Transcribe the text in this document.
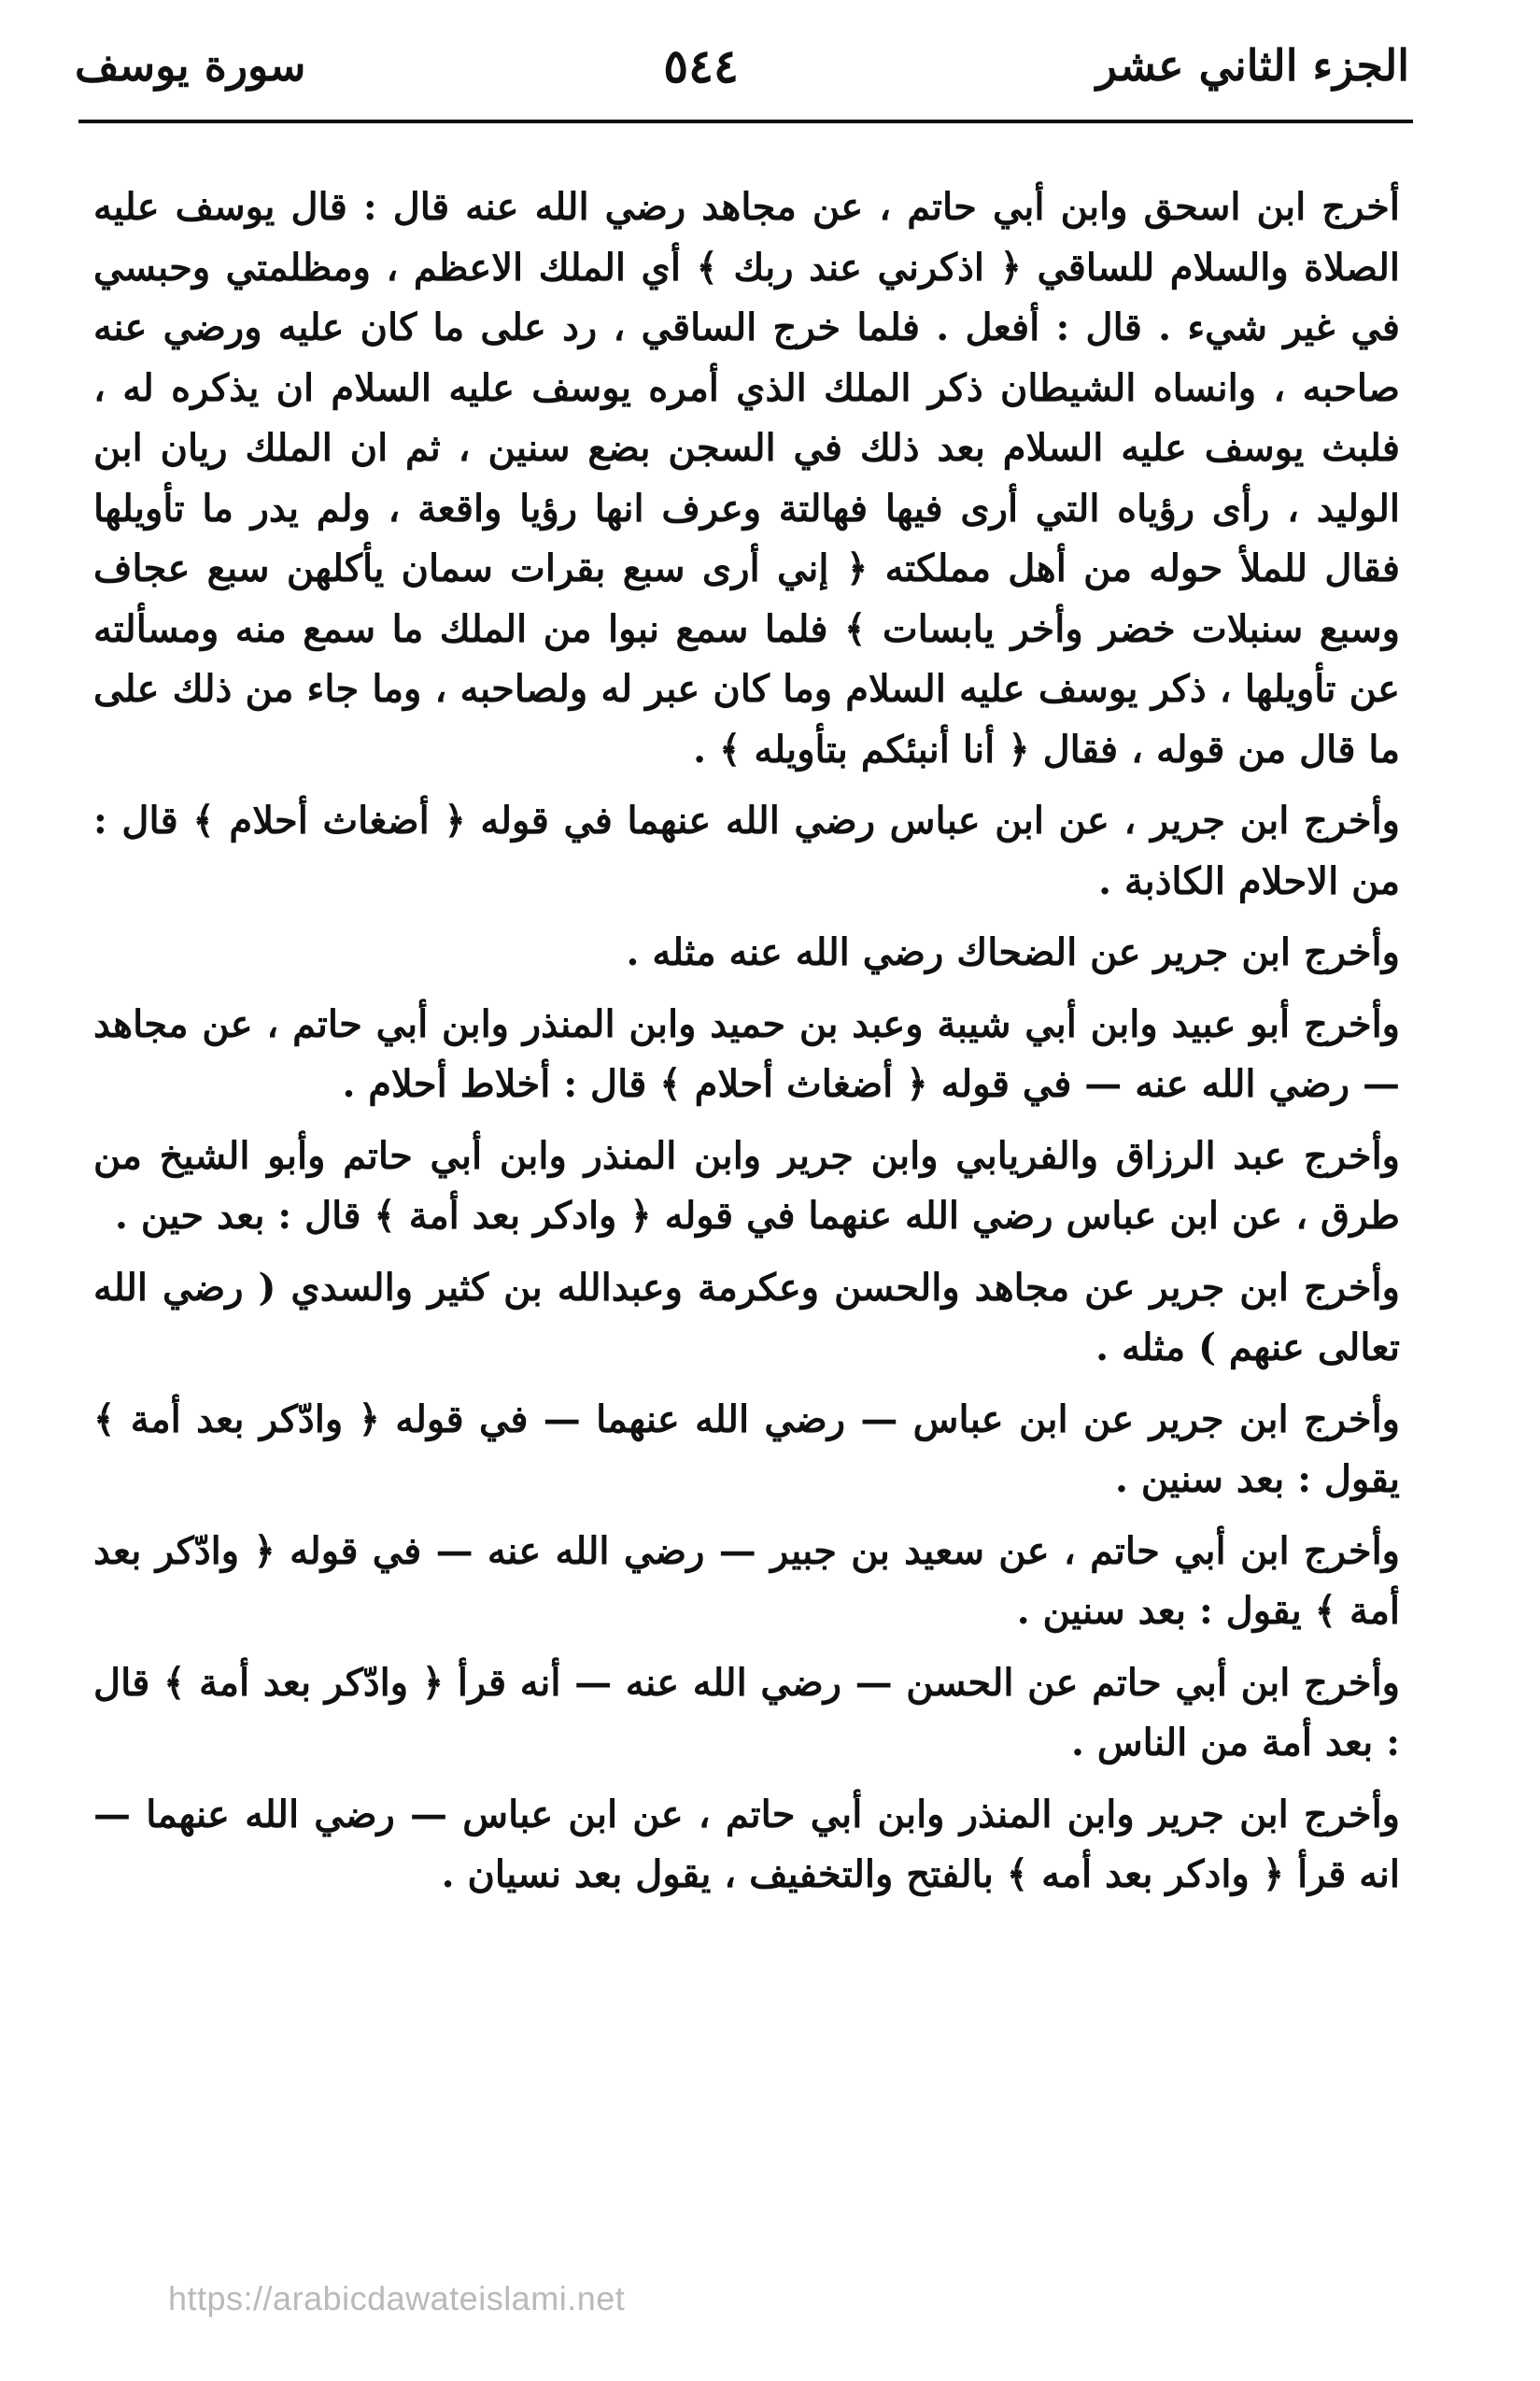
الجزء الثاني عشر
٥٤٤
سورة يوسف

أخرج ابن اسحق وابن أبي حاتم ، عن مجاهد رضي الله عنه قال : قال يوسف عليه الصلاة والسلام للساقي ﴿ اذكرني عند ربك ﴾ أي الملك الاعظم ، ومظلمتي وحبسي في غير شيء . قال : أفعل . فلما خرج الساقي ، رد على ما كان عليه ورضي عنه صاحبه ، وانساه الشيطان ذكر الملك الذي أمره يوسف عليه السلام ان يذكره له ، فلبث يوسف عليه السلام بعد ذلك في السجن بضع سنين ، ثم ان الملك ريان ابن الوليد ، رأى رؤياه التي أرى فيها فهالتة وعرف انها رؤيا واقعة ، ولم يدر ما تأويلها فقال للملأ حوله من أهل مملكته ﴿ إني أرى سبع بقرات سمان يأكلهن سبع عجاف وسبع سنبلات خضر وأخر يابسات ﴾ فلما سمع نبوا من الملك ما سمع منه ومسألته عن تأويلها ، ذكر يوسف عليه السلام وما كان عبر له ولصاحبه ، وما جاء من ذلك على ما قال من قوله ، فقال ﴿ أنا أنبئكم بتأويله ﴾ .

وأخرج ابن جرير ، عن ابن عباس رضي الله عنهما في قوله ﴿ أضغاث أحلام ﴾ قال : من الاحلام الكاذبة .

وأخرج ابن جرير عن الضحاك رضي الله عنه مثله .

وأخرج أبو عبيد وابن أبي شيبة وعبد بن حميد وابن المنذر وابن أبي حاتم ، عن مجاهد — رضي الله عنه — في قوله ﴿ أضغاث أحلام ﴾ قال : أخلاط أحلام .

وأخرج عبد الرزاق والفريابي وابن جرير وابن المنذر وابن أبي حاتم وأبو الشيخ من طرق ، عن ابن عباس رضي الله عنهما في قوله ﴿ وادكر بعد أمة ﴾ قال : بعد حين .

وأخرج ابن جرير عن مجاهد والحسن وعكرمة وعبدالله بن كثير والسدي ( رضي الله تعالى عنهم ) مثله .

وأخرج ابن جرير عن ابن عباس — رضي الله عنهما — في قوله ﴿ وادّكر بعد أمة ﴾ يقول : بعد سنين .

وأخرج ابن أبي حاتم ، عن سعيد بن جبير — رضي الله عنه — في قوله ﴿ وادّكر بعد أمة ﴾ يقول : بعد سنين .

وأخرج ابن أبي حاتم عن الحسن — رضي الله عنه — أنه قرأ ﴿ وادّكر بعد أمة ﴾ قال : بعد أمة من الناس .

وأخرج ابن جرير وابن المنذر وابن أبي حاتم ، عن ابن عباس — رضي الله عنهما — انه قرأ ﴿ وادكر بعد أمه ﴾ بالفتح والتخفيف ، يقول بعد نسيان .

https://arabicdawateislami.net
